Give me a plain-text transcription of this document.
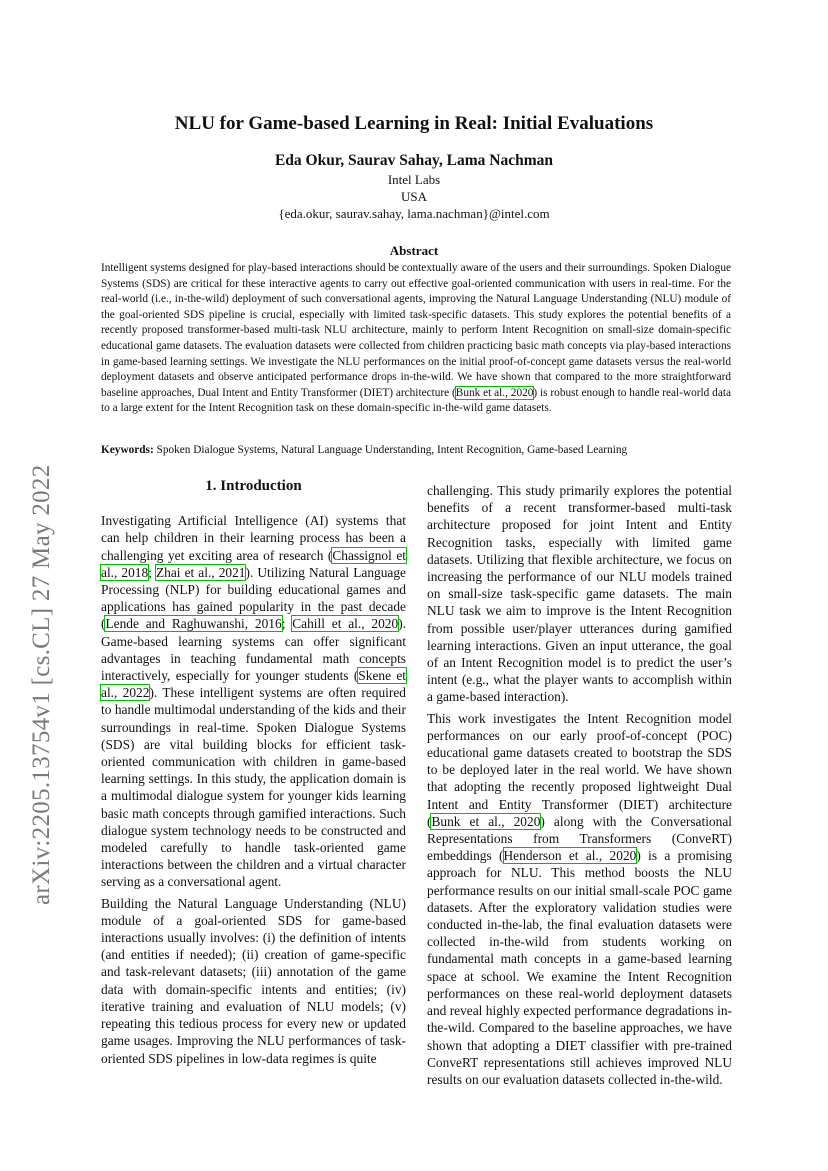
arXiv:2205.13754v1 [cs.CL] 27 May 2022
NLU for Game-based Learning in Real: Initial Evaluations
Eda Okur, Saurav Sahay, Lama Nachman
Intel Labs
USA
{eda.okur, saurav.sahay, lama.nachman}@intel.com
Abstract
Intelligent systems designed for play-based interactions should be contextually aware of the users and their surroundings. Spoken Dialogue Systems (SDS) are critical for these interactive agents to carry out effective goal-oriented communication with users in real-time. For the real-world (i.e., in-the-wild) deployment of such conversational agents, improving the Natural Language Understanding (NLU) module of the goal-oriented SDS pipeline is crucial, especially with limited task-specific datasets. This study explores the potential benefits of a recently proposed transformer-based multi-task NLU architecture, mainly to perform Intent Recognition on small-size domain-specific educational game datasets. The evaluation datasets were collected from children practicing basic math concepts via play-based interactions in game-based learning settings. We investigate the NLU performances on the initial proof-of-concept game datasets versus the real-world deployment datasets and observe anticipated performance drops in-the-wild. We have shown that compared to the more straightforward baseline approaches, Dual Intent and Entity Transformer (DIET) architecture (Bunk et al., 2020) is robust enough to handle real-world data to a large extent for the Intent Recognition task on these domain-specific in-the-wild game datasets.
Keywords: Spoken Dialogue Systems, Natural Language Understanding, Intent Recognition, Game-based Learning
1. Introduction

Investigating Artificial Intelligence (AI) systems that can help children in their learning process has been a challenging yet exciting area of research (Chassignol et al., 2018; Zhai et al., 2021). Utilizing Natural Language Processing (NLP) for building educational games and applications has gained popularity in the past decade (Lende and Raghuwanshi, 2016; Cahill et al., 2020). Game-based learning systems can offer significant advantages in teaching fundamental math concepts interactively, especially for younger students (Skene et al., 2022). These intelligent systems are often required to handle multimodal understanding of the kids and their surroundings in real-time. Spoken Dialogue Systems (SDS) are vital building blocks for efficient task-oriented communication with children in game-based learning settings. In this study, the application domain is a multimodal dialogue system for younger kids learning basic math concepts through gamified interactions. Such dialogue system technology needs to be constructed and modeled carefully to handle task-oriented game interactions between the children and a virtual character serving as a conversational agent.

Building the Natural Language Understanding (NLU) module of a goal-oriented SDS for game-based interactions usually involves: (i) the definition of intents (and entities if needed); (ii) creation of game-specific and task-relevant datasets; (iii) annotation of the game data with domain-specific intents and entities; (iv) iterative training and evaluation of NLU models; (v) repeating this tedious process for every new or updated game usages. Improving the NLU performances of task-oriented SDS pipelines in low-data regimes is quite

challenging. This study primarily explores the potential benefits of a recent transformer-based multi-task architecture proposed for joint Intent and Entity Recognition tasks, especially with limited game datasets. Utilizing that flexible architecture, we focus on increasing the performance of our NLU models trained on small-size task-specific game datasets. The main NLU task we aim to improve is the Intent Recognition from possible user/player utterances during gamified learning interactions. Given an input utterance, the goal of an Intent Recognition model is to predict the user’s intent (e.g., what the player wants to accomplish within a game-based interaction).

This work investigates the Intent Recognition model performances on our early proof-of-concept (POC) educational game datasets created to bootstrap the SDS to be deployed later in the real world. We have shown that adopting the recently proposed lightweight Dual Intent and Entity Transformer (DIET) architecture (Bunk et al., 2020) along with the Conversational Representations from Transformers (ConveRT) embeddings (Henderson et al., 2020) is a promising approach for NLU. This method boosts the NLU performance results on our initial small-scale POC game datasets. After the exploratory validation studies were conducted in-the-lab, the final evaluation datasets were collected in-the-wild from students working on fundamental math concepts in a game-based learning space at school. We examine the Intent Recognition performances on these real-world deployment datasets and reveal highly expected performance degradations in-the-wild. Compared to the baseline approaches, we have shown that adopting a DIET classifier with pre-trained ConveRT representations still achieves improved NLU results on our evaluation datasets collected in-the-wild.
